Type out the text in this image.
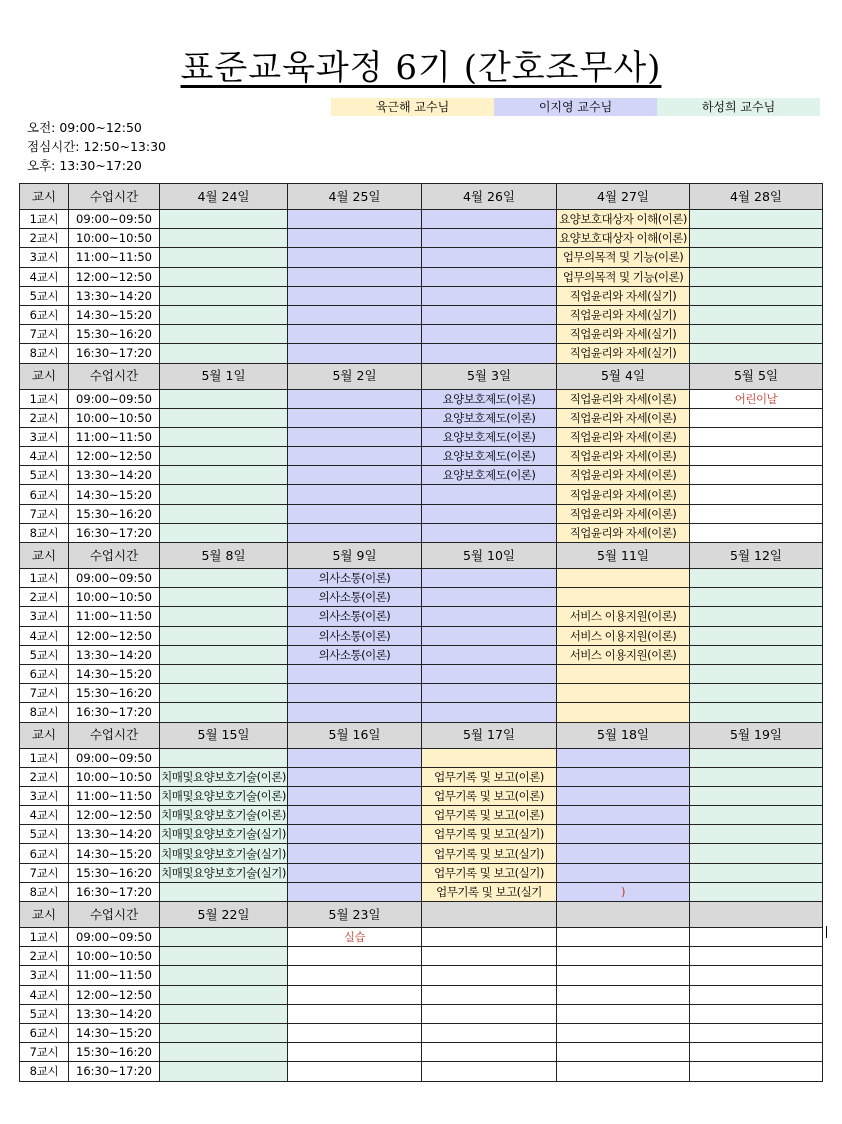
표준교육과정 6기 (간호조무사)
육근해 교수님	이지영 교수님	하성희 교수님
오전: 09:00~12:50
점심시간: 12:50~13:30
오후: 13:30~17:20
교시	수업시간	4월 24일	4월 25일	4월 26일	4월 27일	4월 28일
1교시	09:00~09:50				요양보호대상자 이해(이론)	
2교시	10:00~10:50				요양보호대상자 이해(이론)	
3교시	11:00~11:50				업무의목적 및 기능(이론)	
4교시	12:00~12:50				업무의목적 및 기능(이론)	
5교시	13:30~14:20				직업윤리와 자세(실기)	
6교시	14:30~15:20				직업윤리와 자세(실기)	
7교시	15:30~16:20				직업윤리와 자세(실기)	
8교시	16:30~17:20				직업윤리와 자세(실기)	
교시	수업시간	5월 1일	5월 2일	5월 3일	5월 4일	5월 5일
1교시	09:00~09:50			요양보호제도(이론)	직업윤리와 자세(이론)	어린이날
2교시	10:00~10:50			요양보호제도(이론)	직업윤리와 자세(이론)	
3교시	11:00~11:50			요양보호제도(이론)	직업윤리와 자세(이론)	
4교시	12:00~12:50			요양보호제도(이론)	직업윤리와 자세(이론)	
5교시	13:30~14:20			요양보호제도(이론)	직업윤리와 자세(이론)	
6교시	14:30~15:20				직업윤리와 자세(이론)	
7교시	15:30~16:20				직업윤리와 자세(이론)	
8교시	16:30~17:20				직업윤리와 자세(이론)	
교시	수업시간	5월 8일	5월 9일	5월 10일	5월 11일	5월 12일
1교시	09:00~09:50		의사소통(이론)			
2교시	10:00~10:50		의사소통(이론)			
3교시	11:00~11:50		의사소통(이론)		서비스 이용지원(이론)	
4교시	12:00~12:50		의사소통(이론)		서비스 이용지원(이론)	
5교시	13:30~14:20		의사소통(이론)		서비스 이용지원(이론)	
6교시	14:30~15:20					
7교시	15:30~16:20					
8교시	16:30~17:20					
교시	수업시간	5월 15일	5월 16일	5월 17일	5월 18일	5월 19일
1교시	09:00~09:50					
2교시	10:00~10:50	치매및요양보호기술(이론)		업무기록 및 보고(이론)		
3교시	11:00~11:50	치매및요양보호기술(이론)		업무기록 및 보고(이론)		
4교시	12:00~12:50	치매및요양보호기술(이론)		업무기록 및 보고(이론)		
5교시	13:30~14:20	치매및요양보호기술(실기)		업무기록 및 보고(실기)		
6교시	14:30~15:20	치매및요양보호기술(실기)		업무기록 및 보고(실기)		
7교시	15:30~16:20	치매및요양보호기술(실기)		업무기록 및 보고(실기)		
8교시	16:30~17:20			업무기록 및 보고(실기	)	
교시	수업시간	5월 22일	5월 23일			
1교시	09:00~09:50		실습			
2교시	10:00~10:50					
3교시	11:00~11:50					
4교시	12:00~12:50					
5교시	13:30~14:20					
6교시	14:30~15:20					
7교시	15:30~16:20					
8교시	16:30~17:20					
